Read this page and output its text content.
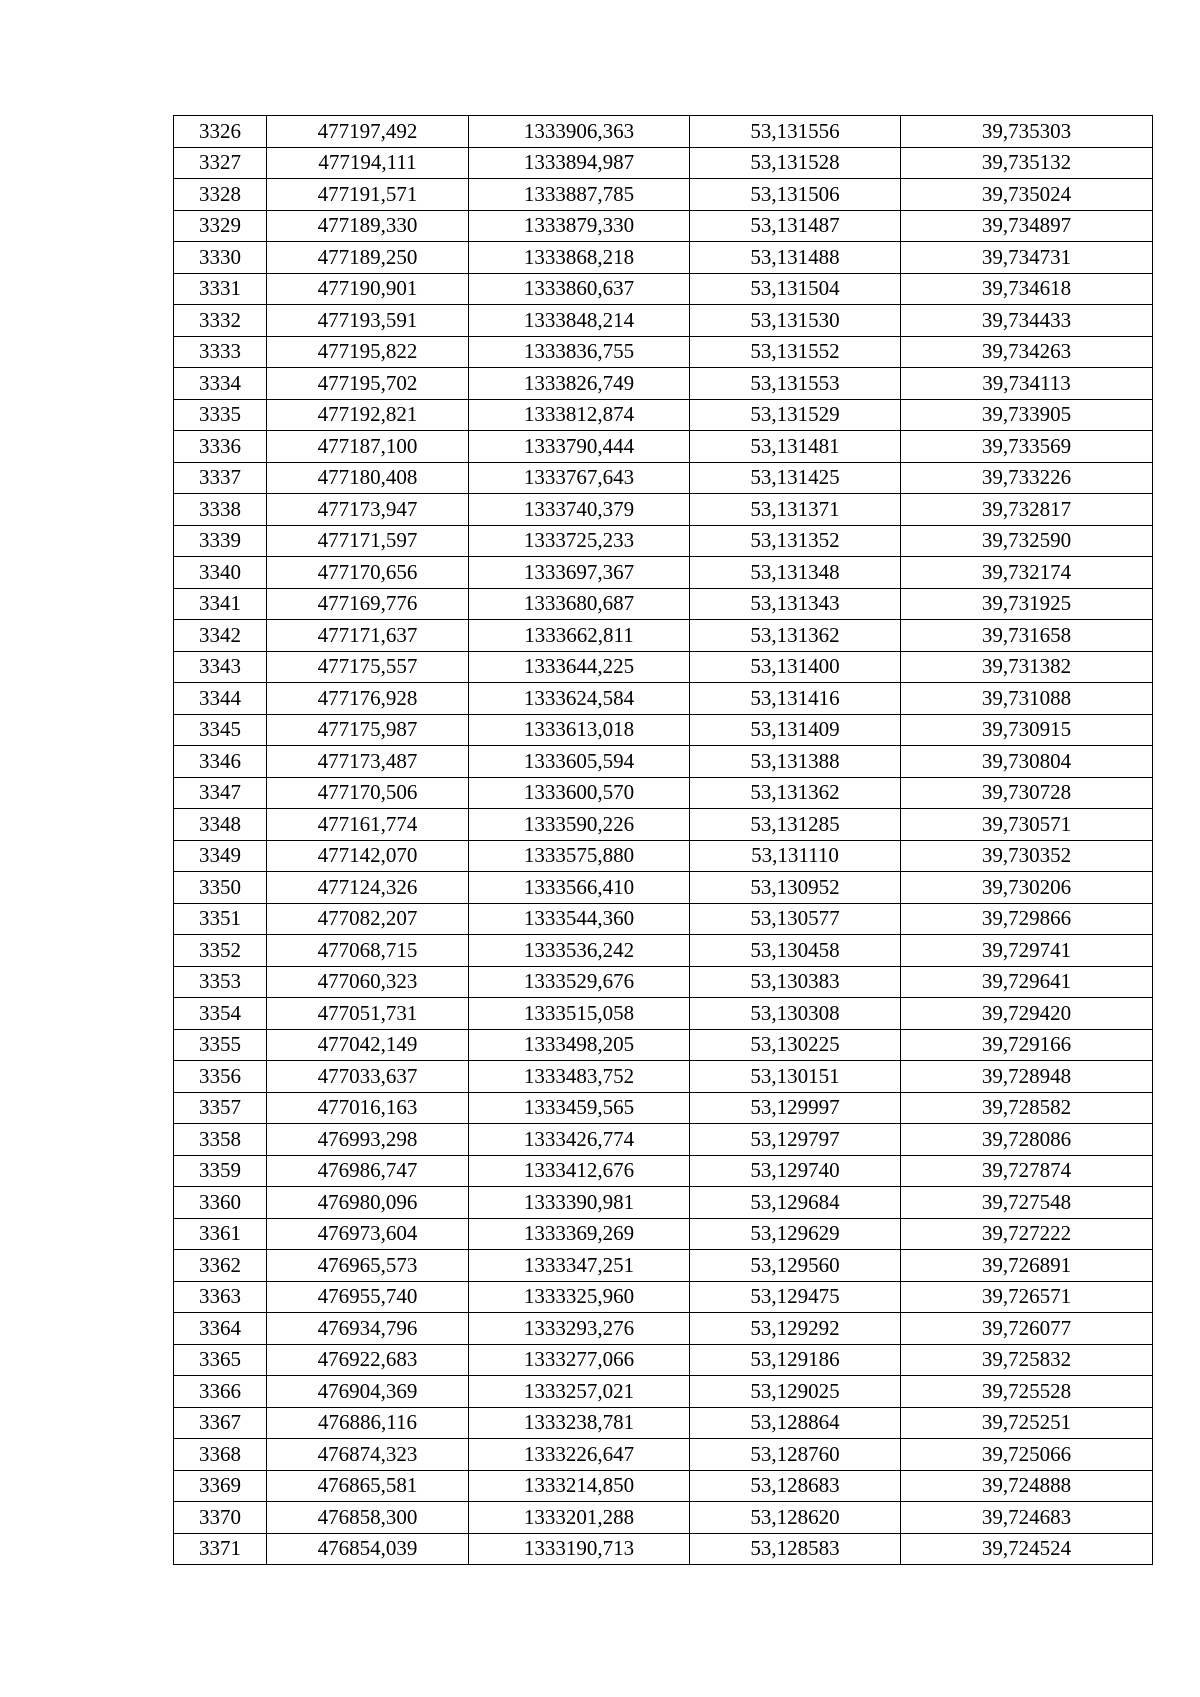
3326	477197,492	1333906,363	53,131556	39,735303
3327	477194,111	1333894,987	53,131528	39,735132
3328	477191,571	1333887,785	53,131506	39,735024
3329	477189,330	1333879,330	53,131487	39,734897
3330	477189,250	1333868,218	53,131488	39,734731
3331	477190,901	1333860,637	53,131504	39,734618
3332	477193,591	1333848,214	53,131530	39,734433
3333	477195,822	1333836,755	53,131552	39,734263
3334	477195,702	1333826,749	53,131553	39,734113
3335	477192,821	1333812,874	53,131529	39,733905
3336	477187,100	1333790,444	53,131481	39,733569
3337	477180,408	1333767,643	53,131425	39,733226
3338	477173,947	1333740,379	53,131371	39,732817
3339	477171,597	1333725,233	53,131352	39,732590
3340	477170,656	1333697,367	53,131348	39,732174
3341	477169,776	1333680,687	53,131343	39,731925
3342	477171,637	1333662,811	53,131362	39,731658
3343	477175,557	1333644,225	53,131400	39,731382
3344	477176,928	1333624,584	53,131416	39,731088
3345	477175,987	1333613,018	53,131409	39,730915
3346	477173,487	1333605,594	53,131388	39,730804
3347	477170,506	1333600,570	53,131362	39,730728
3348	477161,774	1333590,226	53,131285	39,730571
3349	477142,070	1333575,880	53,131110	39,730352
3350	477124,326	1333566,410	53,130952	39,730206
3351	477082,207	1333544,360	53,130577	39,729866
3352	477068,715	1333536,242	53,130458	39,729741
3353	477060,323	1333529,676	53,130383	39,729641
3354	477051,731	1333515,058	53,130308	39,729420
3355	477042,149	1333498,205	53,130225	39,729166
3356	477033,637	1333483,752	53,130151	39,728948
3357	477016,163	1333459,565	53,129997	39,728582
3358	476993,298	1333426,774	53,129797	39,728086
3359	476986,747	1333412,676	53,129740	39,727874
3360	476980,096	1333390,981	53,129684	39,727548
3361	476973,604	1333369,269	53,129629	39,727222
3362	476965,573	1333347,251	53,129560	39,726891
3363	476955,740	1333325,960	53,129475	39,726571
3364	476934,796	1333293,276	53,129292	39,726077
3365	476922,683	1333277,066	53,129186	39,725832
3366	476904,369	1333257,021	53,129025	39,725528
3367	476886,116	1333238,781	53,128864	39,725251
3368	476874,323	1333226,647	53,128760	39,725066
3369	476865,581	1333214,850	53,128683	39,724888
3370	476858,300	1333201,288	53,128620	39,724683
3371	476854,039	1333190,713	53,128583	39,724524
